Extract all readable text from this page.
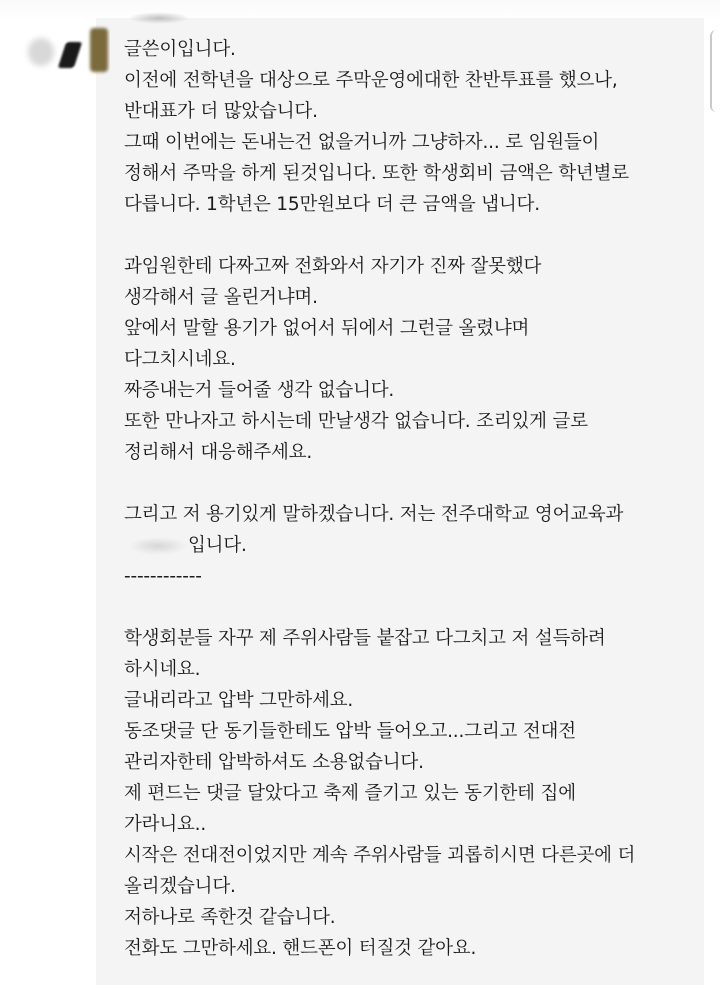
글쓴이입니다.
이전에 전학년을 대상으로 주막운영에대한 찬반투표를 했으나,
반대표가 더 많았습니다.
그때 이번에는 돈내는건 없을거니까 그냥하자... 로 임원들이
정해서 주막을 하게 된것입니다. 또한 학생회비 금액은 학년별로
다릅니다. 1학년은 15만원보다 더 큰 금액을 냅니다.
과임원한테 다짜고짜 전화와서 자기가 진짜 잘못했다
생각해서 글 올린거냐며.
앞에서 말할 용기가 없어서 뒤에서 그런글 올렸냐며
다그치시네요.
짜증내는거 들어줄 생각 없습니다.
또한 만나자고 하시는데 만날생각 없습니다. 조리있게 글로
정리해서 대응해주세요.
그리고 저 용기있게 말하겠습니다. 저는 전주대학교 영어교육과
입니다.
------------
학생회분들 자꾸 제 주위사람들 붙잡고 다그치고 저 설득하려
하시네요.
글내리라고 압박 그만하세요.
동조댓글 단 동기들한테도 압박 들어오고...그리고 전대전
관리자한테 압박하셔도 소용없습니다.
제 편드는 댓글 달았다고 축제 즐기고 있는 동기한테 집에
가라니요..
시작은 전대전이었지만 계속 주위사람들 괴롭히시면 다른곳에 더
올리겠습니다.
저하나로 족한것 같습니다.
전화도 그만하세요. 핸드폰이 터질것 같아요.
